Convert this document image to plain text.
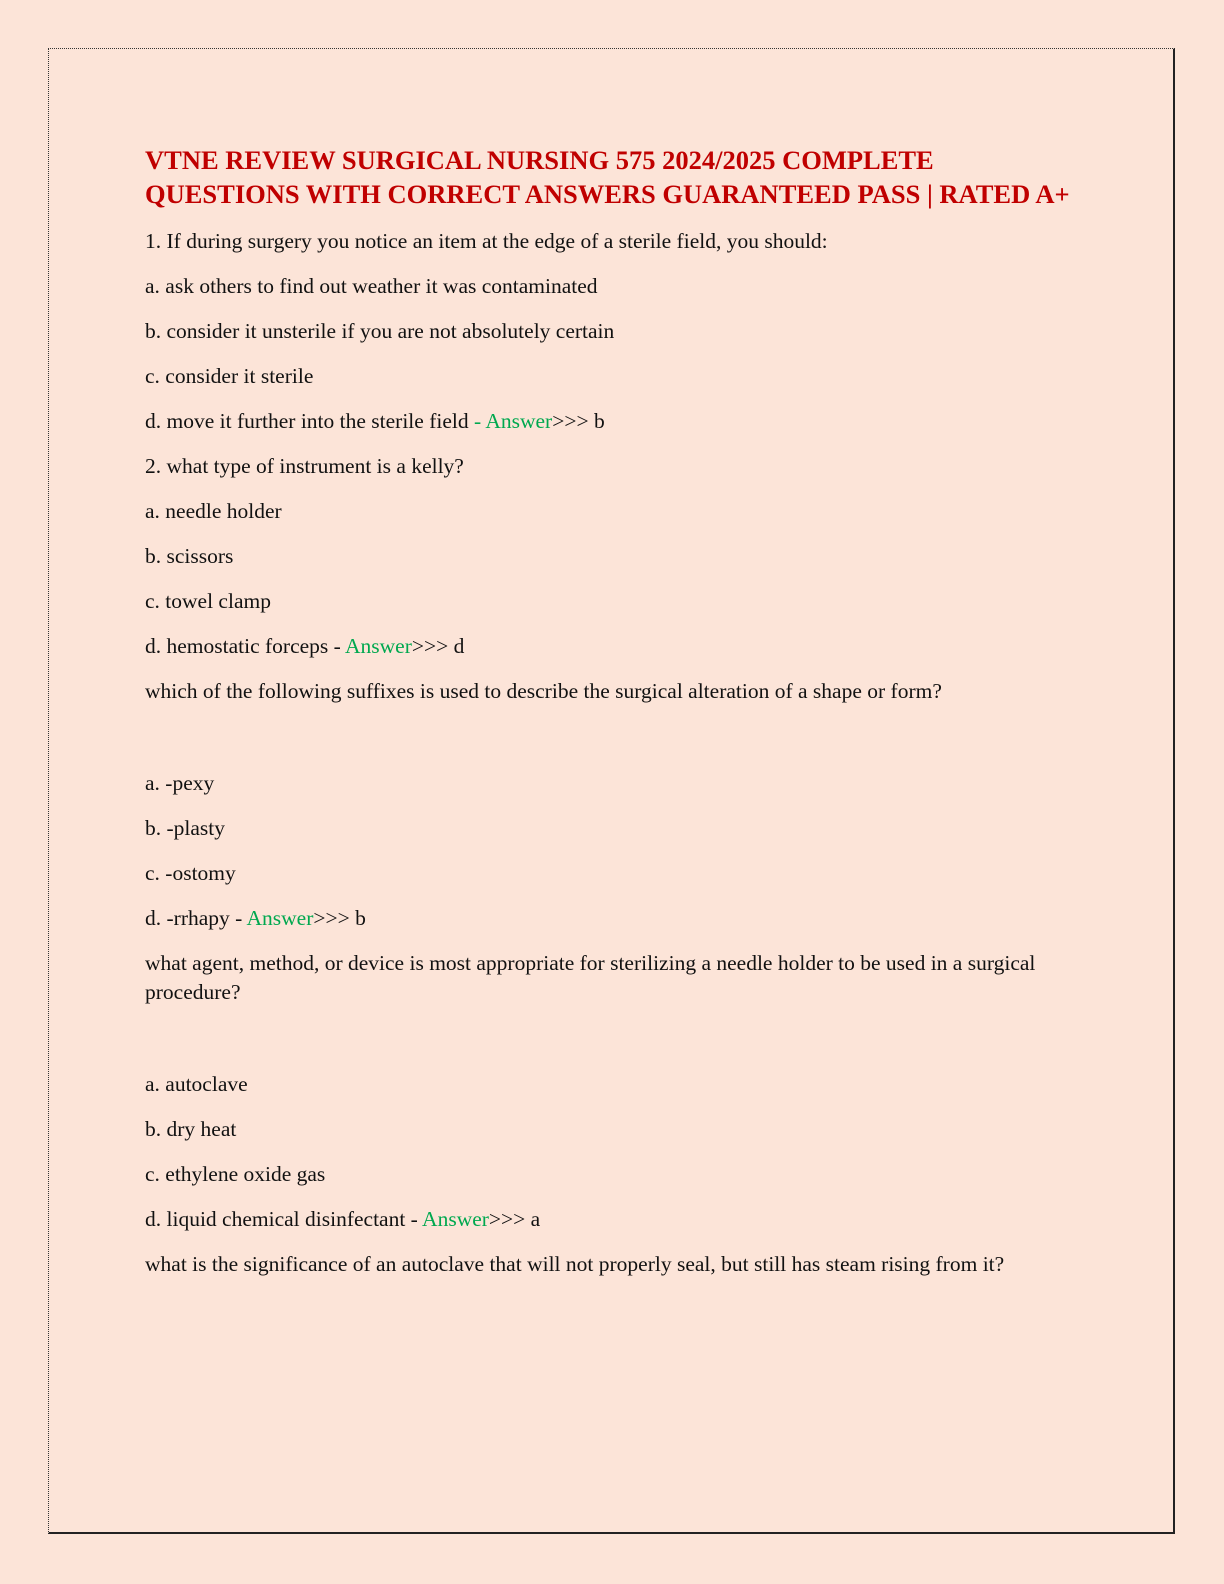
VTNE REVIEW SURGICAL NURSING 575 2024/2025 COMPLETE QUESTIONS WITH CORRECT ANSWERS GUARANTEED PASS | RATED A+

1. If during surgery you notice an item at the edge of a sterile field, you should:

a. ask others to find out weather it was contaminated

b. consider it unsterile if you are not absolutely certain

c. consider it sterile

d. move it further into the sterile field - Answer>>> b

2. what type of instrument is a kelly?

a. needle holder

b. scissors

c. towel clamp

d. hemostatic forceps - Answer>>> d

which of the following suffixes is used to describe the surgical alteration of a shape or form?

a. -pexy

b. -plasty

c. -ostomy

d. -rrhapy - Answer>>> b

what agent, method, or device is most appropriate for sterilizing a needle holder to be used in a surgical procedure?

a. autoclave

b. dry heat

c. ethylene oxide gas

d. liquid chemical disinfectant - Answer>>> a

what is the significance of an autoclave that will not properly seal, but still has steam rising from it?
